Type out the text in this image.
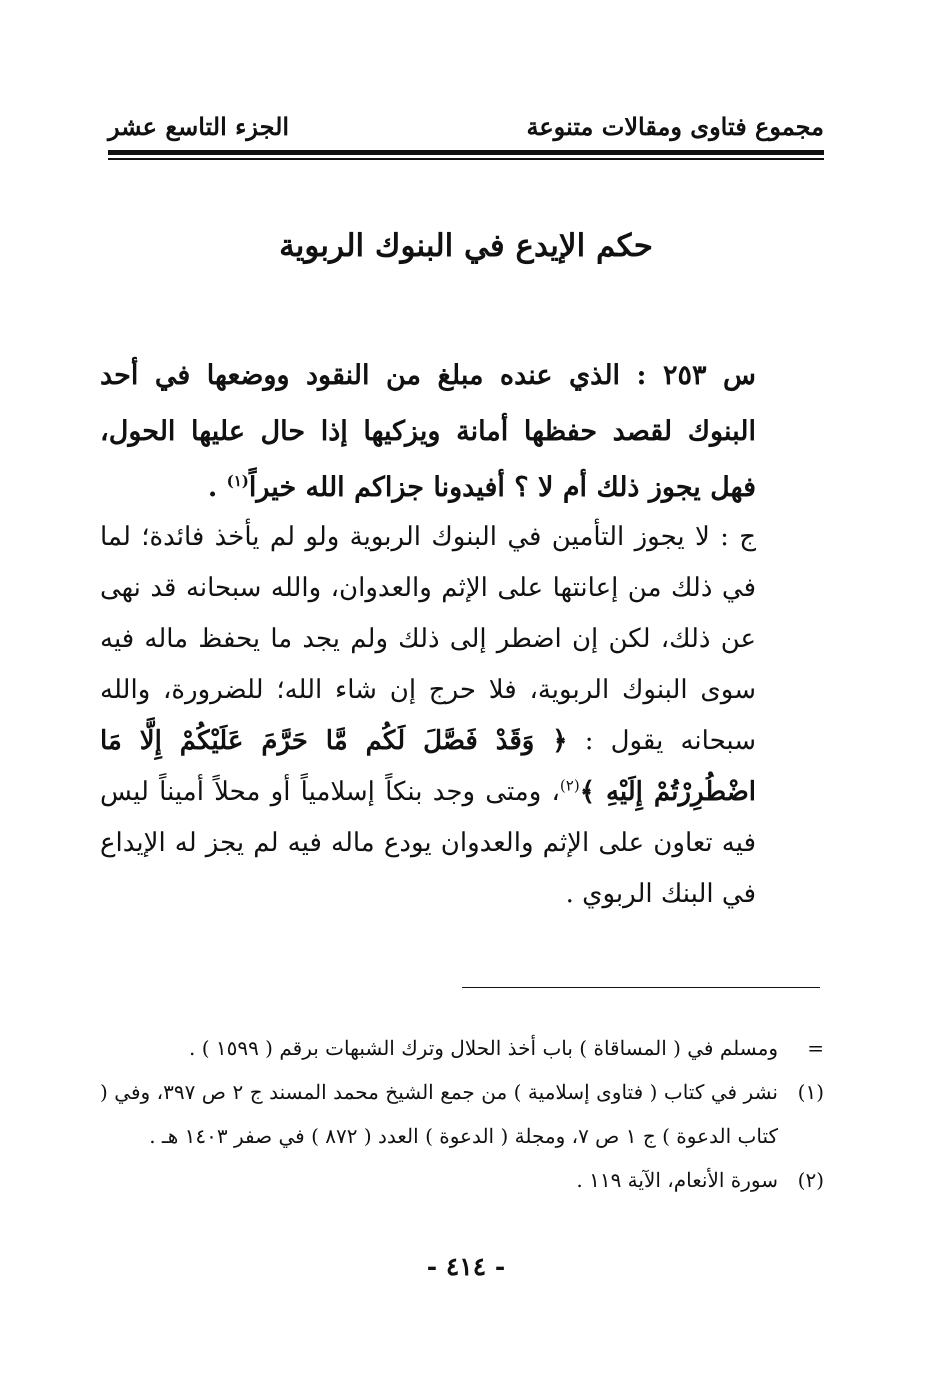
مجموع فتاوى ومقالات متنوعة
الجزء التاسع عشر
حكم الإيدع في البنوك الربوية
س ٢٥٣ : الذي عنده مبلغ من النقود ووضعها في أحد البنوك لقصد حفظها أمانة ويزكيها إذا حال عليها الحول، فهل يجوز ذلك أم لا ؟ أفيدونا جزاكم الله خيراً$^{(١)}$ .

ج : لا يجوز التأمين في البنوك الربوية ولو لم يأخذ فائدة؛ لما في ذلك من إعانتها على الإثم والعدوان، والله سبحانه قد نهى عن ذلك، لكن إن اضطر إلى ذلك ولم يجد ما يحفظ ماله فيه سوى البنوك الربوية، فلا حرج إن شاء الله؛ للضرورة، والله سبحانه يقول : ﴿ وَقَدْ فَصَّلَ لَكُم مَّا حَرَّمَ عَلَيْكُمْ إِلَّا مَا اضْطُرِرْتُمْ إِلَيْهِ ﴾$^{(٢)}$، ومتى وجد بنكاً إسلامياً أو محلاً أميناً ليس فيه تعاون على الإثم والعدوان يودع ماله فيه لم يجز له الإيداع في البنك الربوي .

=
ومسلم في ( المساقاة ) باب أخذ الحلال وترك الشبهات برقم ( ١٥٩٩ ) .
(١)
نشر في كتاب ( فتاوى إسلامية ) من جمع الشيخ محمد المسند ج ٢ ص ٣٩٧، وفي ( كتاب الدعوة ) ج ١ ص ٧، ومجلة ( الدعوة ) العدد ( ٨٧٢ ) في صفر ١٤٠٣ هـ .
(٢)
سورة الأنعام، الآية ١١٩ .
- ٤١٤ -
